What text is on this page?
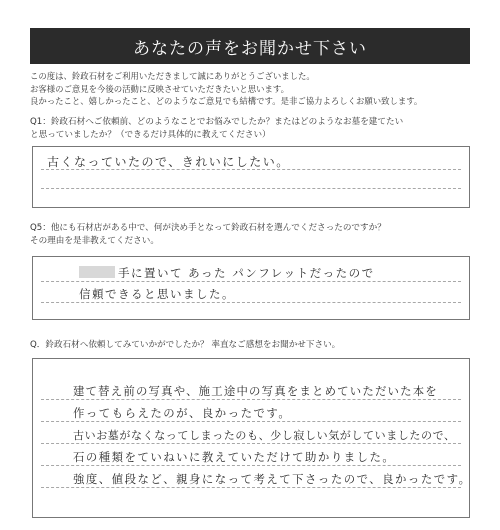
あなたの声をお聞かせ下さい
この度は、鈴政石材をご利用いただきまして誠にありがとうございました。
お客様のご意見を今後の活動に反映させていただきたいと思います。
良かったこと、嬉しかったこと、どのようなご意見でも結構です。是非ご協力よろしくお願い致します。
Q1：鈴政石材へご依頼前、どのようなことでお悩みでしたか？またはどのようなお墓を建てたい
と思っていましたか？（できるだけ具体的に教えてください）
古くなっていたので、きれいにしたい。
Q5：他にも石材店がある中で、何が決め手となって鈴政石材を選んでくださったのですか？
その理由を是非教えてください。
手に置いて あった パンフレットだったので
信頼できると思いました。
Q．鈴政石材へ依頼してみていかがでしたか？ 率直なご感想をお聞かせ下さい。
建て替え前の写真や、施工途中の写真をまとめていただいた本を
作ってもらえたのが、良かったです。
古いお墓がなくなってしまったのも、少し寂しい気がしていましたので、
石の種類をていねいに教えていただけて助かりました。
強度、値段など、親身になって考えて下さったので、良かったです。
